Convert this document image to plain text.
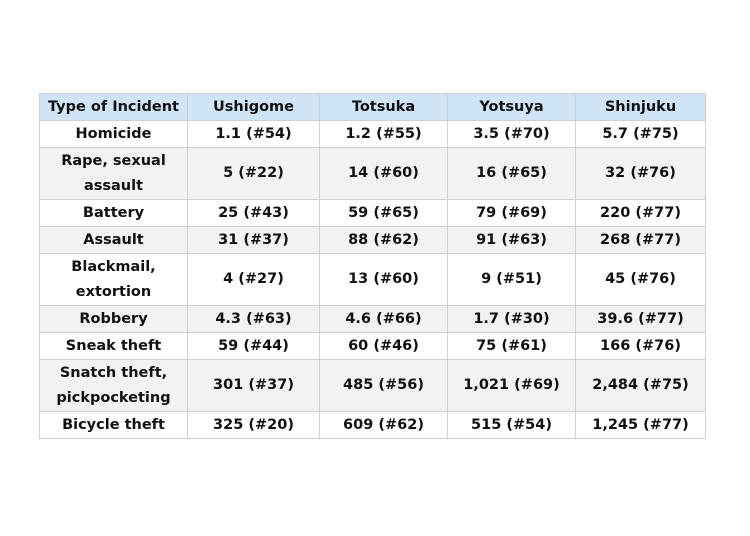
Type of Incident	Ushigome	Totsuka	Yotsuya	Shinjuku
Homicide	1.1 (#54)	1.2 (#55)	3.5 (#70)	5.7 (#75)
Rape, sexual assault	5 (#22)	14 (#60)	16 (#65)	32 (#76)
Battery	25 (#43)	59 (#65)	79 (#69)	220 (#77)
Assault	31 (#37)	88 (#62)	91 (#63)	268 (#77)
Blackmail, extortion	4 (#27)	13 (#60)	9 (#51)	45 (#76)
Robbery	4.3 (#63)	4.6 (#66)	1.7 (#30)	39.6 (#77)
Sneak theft	59 (#44)	60 (#46)	75 (#61)	166 (#76)
Snatch theft, pickpocketing	301 (#37)	485 (#56)	1,021 (#69)	2,484 (#75)
Bicycle theft	325 (#20)	609 (#62)	515 (#54)	1,245 (#77)
